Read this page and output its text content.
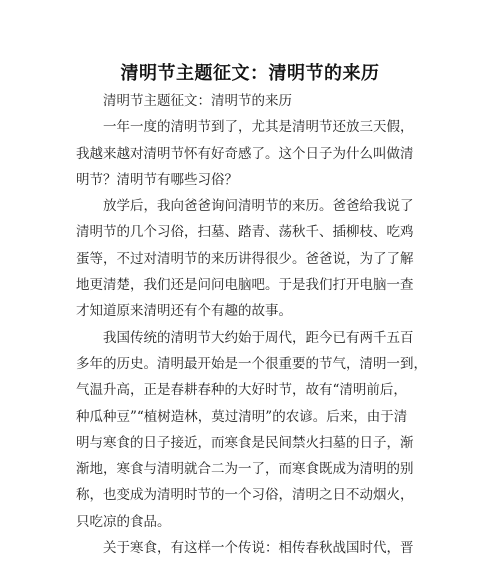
清明节主题征文：清明节的来历
清明节主题征文：清明节的来历
一年一度的清明节到了，尤其是清明节还放三天假，
我越来越对清明节怀有好奇感了。这个日子为什么叫做清
明节？清明节有哪些习俗？
放学后，我向爸爸询问清明节的来历。爸爸给我说了
清明节的几个习俗，扫墓、踏青、荡秋千、插柳枝、吃鸡
蛋等，不过对清明节的来历讲得很少。爸爸说，为了了解
地更清楚，我们还是问问电脑吧。于是我们打开电脑一查
才知道原来清明还有个有趣的故事。
我国传统的清明节大约始于周代，距今已有两千五百
多年的历史。清明最开始是一个很重要的节气，清明一到，
气温升高，正是春耕春种的大好时节，故有“清明前后，
种瓜种豆”“植树造林，莫过清明”的农谚。后来，由于清
明与寒食的日子接近，而寒食是民间禁火扫墓的日子，渐
渐地，寒食与清明就合二为一了，而寒食既成为清明的别
称，也变成为清明时节的一个习俗，清明之日不动烟火，
只吃凉的食品。
关于寒食，有这样一个传说：相传春秋战国时代，晋
